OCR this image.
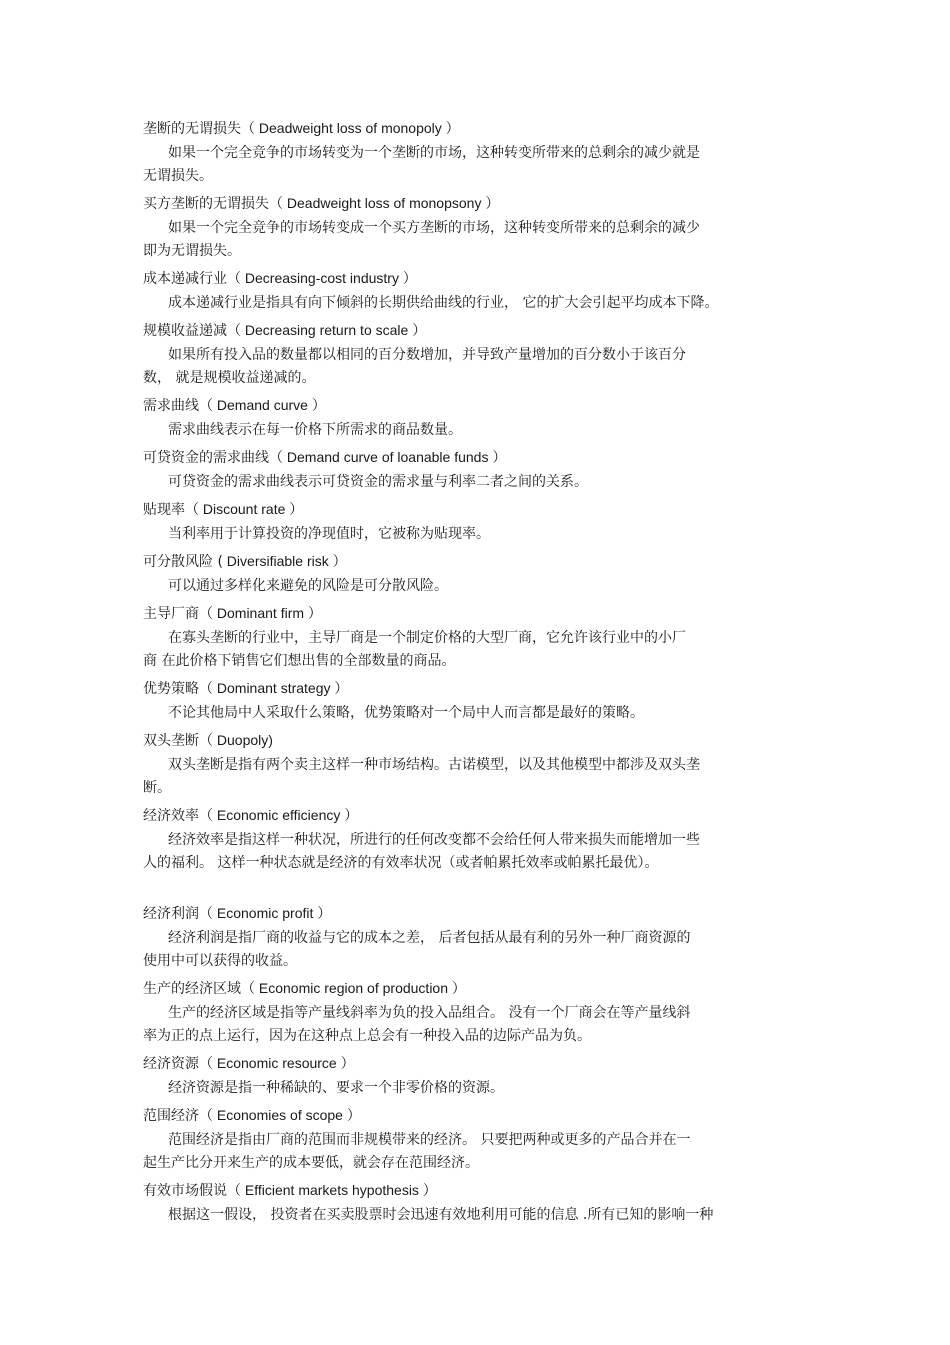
垄断的无谓损失（ Deadweight loss of monopoly ）
如果一个完全竞争的市场转变为一个垄断的市场，这种转变所带来的总剩余的减少就是
无谓损失。
买方垄断的无谓损失（ Deadweight loss of monopsony ）
如果一个完全竞争的市场转变成一个买方垄断的市场，这种转变所带来的总剩余的减少
即为无谓损失。
成本递减行业（ Decreasing-cost industry ）
成本递减行业是指具有向下倾斜的长期供给曲线的行业， 它的扩大会引起平均成本下降。
规模收益递减（ Decreasing return to scale ）
如果所有投入品的数量都以相同的百分数增加，并导致产量增加的百分数小于该百分
数， 就是规模收益递减的。
需求曲线（ Demand curve ）
需求曲线表示在每一价格下所需求的商品数量。
可贷资金的需求曲线（ Demand curve of loanable funds ）
可贷资金的需求曲线表示可贷资金的需求量与利率二者之间的关系。
贴现率（ Discount rate ）
当利率用于计算投资的净现值时，它被称为贴现率。
可分散风险 ( Diversifiable risk ）
可以通过多样化来避免的风险是可分散风险。
主导厂商（ Dominant firm ）
在寡头垄断的行业中，主导厂商是一个制定价格的大型厂商，它允许该行业中的小厂
商 在此价格下销售它们想出售的全部数量的商品。
优势策略（ Dominant strategy ）
不论其他局中人采取什么策略，优势策略对一个局中人而言都是最好的策略。
双头垄断（ Duopoly)
双头垄断是指有两个卖主这样一种市场结构。古诺模型，以及其他模型中都涉及双头垄
断。
经济效率（ Economic efficiency ）
经济效率是指这样一种状况，所进行的任何改变都不会给任何人带来损失而能增加一些
人的福利。 这样一种状态就是经济的有效率状况（或者帕累托效率或帕累托最优）。
经济利润（ Economic profit ）
经济利润是指厂商的收益与它的成本之差， 后者包括从最有利的另外一种厂商资源的
使用中可以获得的收益。
生产的经济区域（ Economic region of production ）
生产的经济区域是指等产量线斜率为负的投入品组合。 没有一个厂商会在等产量线斜
率为正的点上运行，因为在这种点上总会有一种投入品的边际产品为负。
经济资源（ Economic resource ）
经济资源是指一种稀缺的、要求一个非零价格的资源。
范围经济（ Economies of scope ）
范围经济是指由厂商的范围而非规模带来的经济。 只要把两种或更多的产品合并在一
起生产比分开来生产的成本要低，就会存在范围经济。
有效市场假说（ Efficient markets hypothesis ）
根据这一假设， 投资者在买卖股票时会迅速有效地利用可能的信息 .所有已知的影响一种
